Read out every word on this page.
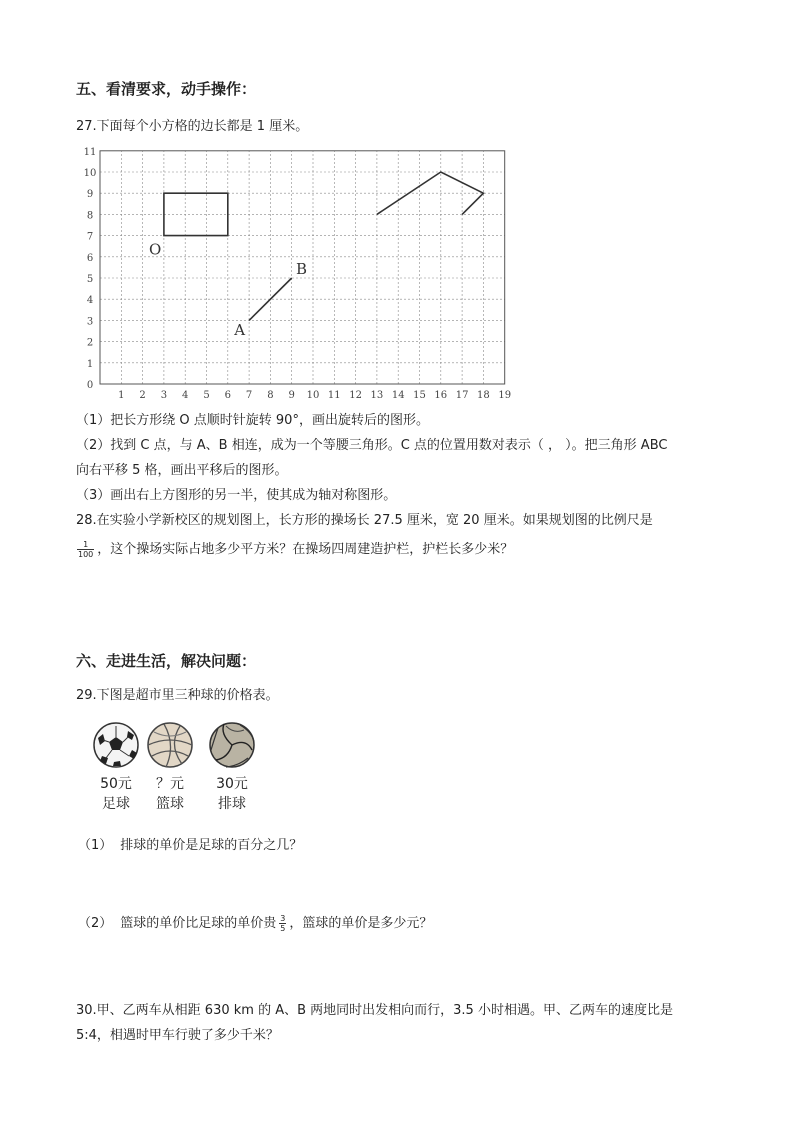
五、看清要求，动手操作：
27.下面每个小方格的边长都是 1 厘米。
1 2 3 4 5 6 7 8 9 10 11 12 13 14 15 16 17 18 19
0
1
2
3
4
5
6
7
8
9
10
11
O
A
B
（1）把长方形绕 O 点顺时针旋转 90°，画出旋转后的图形。
（2）找到 C 点，与 A、B 相连，成为一个等腰三角形。C 点的位置用数对表示（ ， ）。把三角形 ABC
向右平移 5 格，画出平移后的图形。
（3）画出右上方图形的另一半，使其成为轴对称图形。
28.在实验小学新校区的规划图上，长方形的操场长 27.5 厘米，宽 20 厘米。如果规划图的比例尺是
$\frac{1}{100}$ ，这个操场实际占地多少平方米？在操场四周建造护栏，护栏长多少米？
六、走进生活，解决问题：
29.下图是超市里三种球的价格表。
50元
足球
？元
篮球
30元
排球
（1） 排球的单价是足球的百分之几？
（2） 篮球的单价比足球的单价贵 $\frac{3}{5}$ ，篮球的单价是多少元？
30.甲、乙两车从相距 630 km 的 A、B 两地同时出发相向而行，3.5 小时相遇。甲、乙两车的速度比是
5:4，相遇时甲车行驶了多少千米？
